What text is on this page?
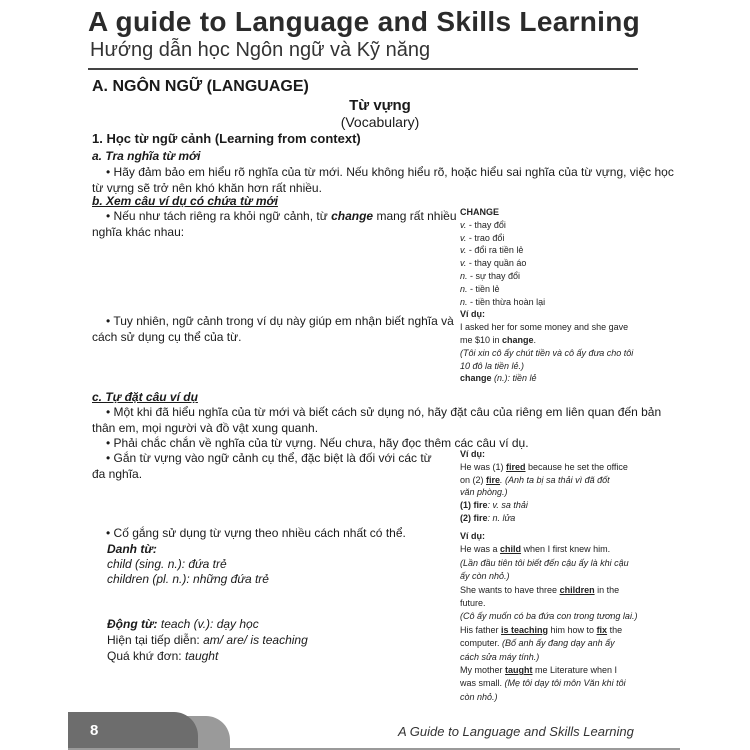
A guide to Language and Skills Learning
Hướng dẫn học Ngôn ngữ và Kỹ năng
A. NGÔN NGỮ (LANGUAGE)
Từ vựng
(Vocabulary)
1. Học từ ngữ cảnh (Learning from context)
a. Tra nghĩa từ mới
• Hãy đảm bảo em hiểu rõ nghĩa của từ mới. Nếu không hiểu rõ, hoặc hiểu sai nghĩa của từ vựng, việc học
từ vựng sẽ trở nên khó khăn hơn rất nhiều.
b. Xem câu ví dụ có chứa từ mới
• Nếu như tách riêng ra khỏi ngữ cảnh, từ change mang rất nhiều
nghĩa khác nhau:
• Tuy nhiên, ngữ cảnh trong ví dụ này giúp em nhận biết nghĩa và
cách sử dụng cụ thể của từ.
CHANGE
v. - thay đổi
v. - trao đổi
v. - đổi ra tiền lẻ
v. - thay quần áo
n. - sự thay đổi
n. - tiền lẻ
n. - tiền thừa hoàn lại
Ví dụ:
I asked her for some money and she gave
me $10 in change.
(Tôi xin cô ấy chút tiền và cô ấy đưa cho tôi
10 đô la tiền lẻ.)
change (n.): tiền lẻ
c. Tự đặt câu ví dụ
• Một khi đã hiểu nghĩa của từ mới và biết cách sử dụng nó, hãy đặt câu của riêng em liên quan đến bản
thân em, mọi người và đồ vật xung quanh.
• Phải chắc chắn về nghĩa của từ vựng. Nếu chưa, hãy đọc thêm các câu ví dụ.
• Gắn từ vựng vào ngữ cảnh cụ thể, đặc biệt là đối với các từ
đa nghĩa.
• Cố gắng sử dụng từ vựng theo nhiều cách nhất có thể.
Danh từ:
child (sing. n.): đứa trẻ
children (pl. n.): những đứa trẻ
Động từ: teach (v.): dạy học
Hiện tại tiếp diễn: am/ are/ is teaching
Quá khứ đơn: taught
Ví dụ:
He was (1) fired because he set the office
on (2) fire. (Anh ta bị sa thải vì đã đốt
văn phòng.)
(1) fire: v. sa thải
(2) fire: n. lửa
Ví dụ:
He was a child when I first knew him.
(Lần đầu tiên tôi biết đến cậu ấy là khi cậu
ấy còn nhỏ.)
She wants to have three children in the
future.
(Cô ấy muốn có ba đứa con trong tương lai.)
His father is teaching him how to fix the
computer. (Bố anh ấy đang dạy anh ấy
cách sửa máy tính.)
My mother taught me Literature when I
was small. (Mẹ tôi dạy tôi môn Văn khi tôi
còn nhỏ.)
8	A Guide to Language and Skills Learning
